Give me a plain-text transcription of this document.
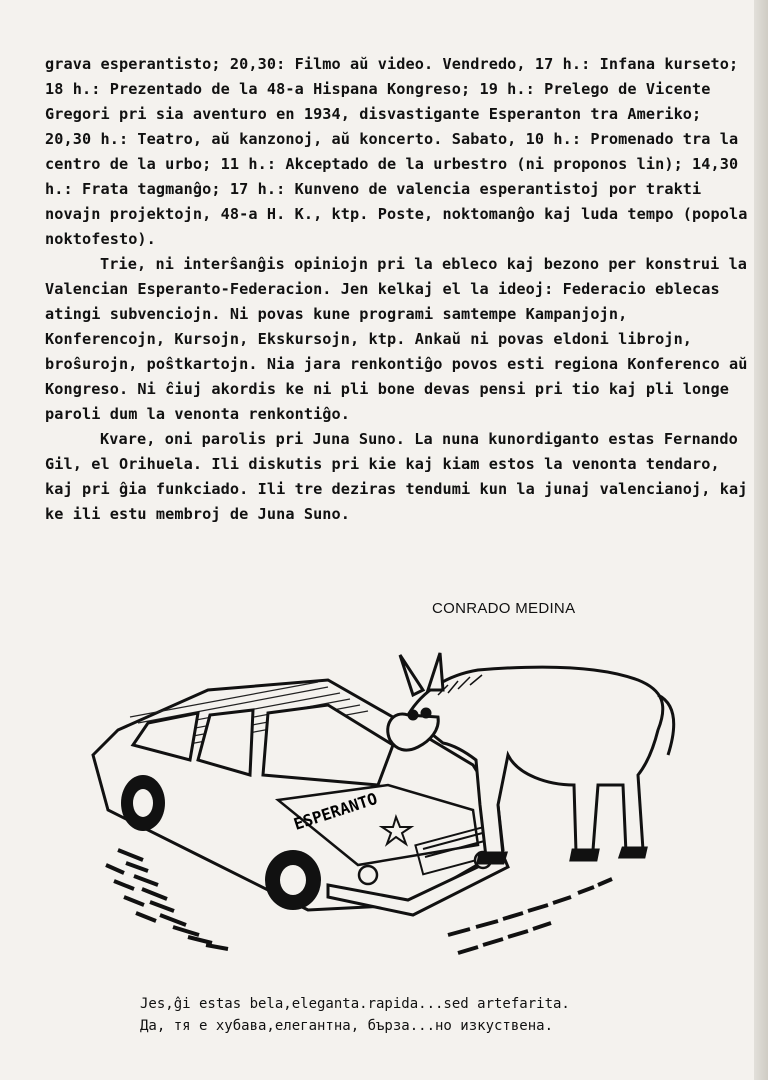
grava esperantisto; 20,30: Filmo aŭ video. Vendredo, 17 h.: Infana kurseto; 18 h.: Prezentado de la 48-a Hispana Kongreso; 19 h.: Prelego de Vicente Gregori pri sia aventuro en 1934, disvastigante Esperanton tra Ameriko; 20,30 h.: Teatro, aŭ kanzonoj, aŭ koncerto. Sabato, 10 h.: Promenado tra la centro de la urbo; 11 h.: Akceptado de la urbestro (ni proponos lin); 14,30 h.: Frata tagmanĝo; 17 h.: Kunveno de valencia esperantistoj por trakti novajn projektojn, 48-a H. K., ktp. Poste, noktomanĝo kaj luda tempo (popola noktofesto).

Trie, ni interŝanĝis opiniojn pri la ebleco kaj bezono per konstrui la Valencian Esperanto-Federacion. Jen kelkaj el la ideoj: Federacio eblecas atingi subvenciojn. Ni povas kune programi samtempe Kampanjojn, Konferencojn, Kursojn, Ekskursojn, ktp. Ankaŭ ni povas eldoni librojn, broŝurojn, poŝtkartojn. Nia jara renkontiĝo povos esti regiona Konferenco aŭ Kongreso. Ni ĉiuj akordis ke ni pli bone devas pensi pri tio kaj pli longe paroli dum la venonta renkontiĝo.

Kvare, oni parolis pri Juna Suno. La nuna kunordiganto estas Fernando Gil, el Orihuela. Ili diskutis pri kie kaj kiam estos la venonta tendaro, kaj pri ĝia funkciado. Ili tre deziras tendumi kun la junaj valencianoj, kaj ke ili estu membroj de Juna Suno.

CONRADO MEDINA
ESPERANTO
Jes,ĝi estas bela,eleganta.rapida...sed artefarita.
Да, тя е хубава,елегантна, бърза...но изкуствена.
